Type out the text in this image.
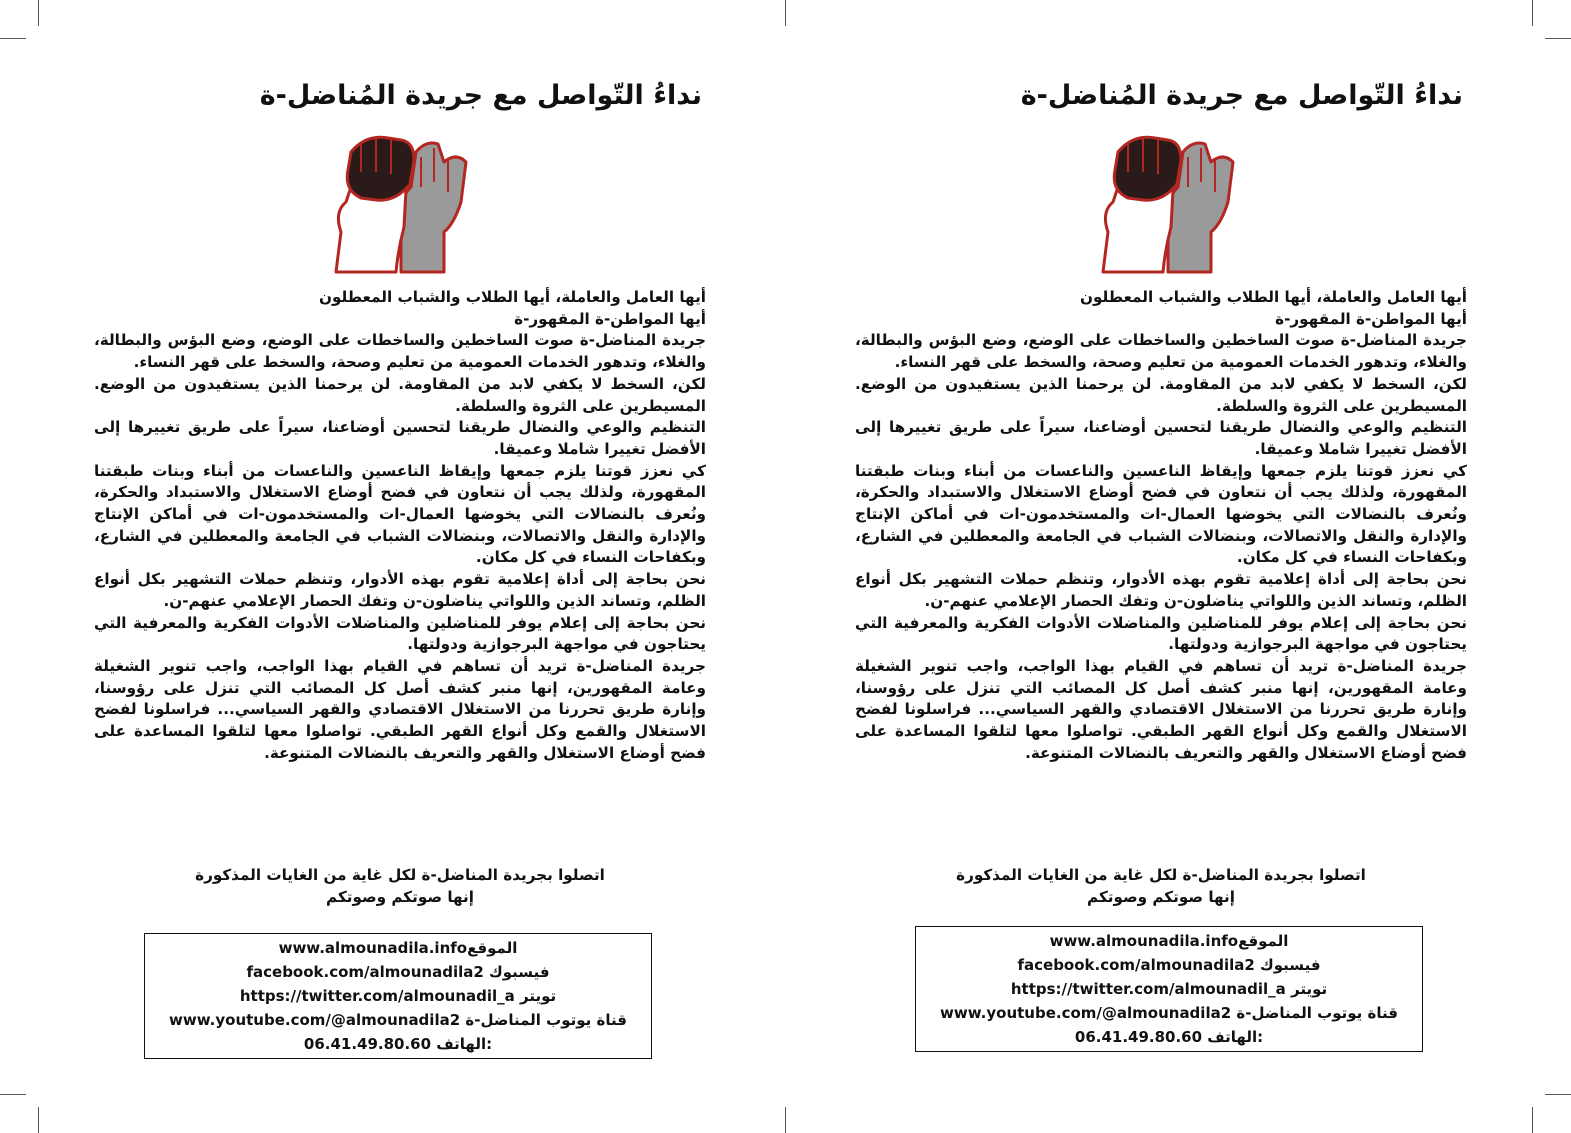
نداءُ التّواصل مع جريدة المُناضل-ة

أيها العامل والعاملة، أيها الطلاب والشباب المعطلون

أيها المواطن-ة المقهور-ة

جريدة المناضل-ة صوت الساخطين والساخطات على الوضع، وضع البؤس والبطالة، والغلاء، وتدهور الخدمات العمومية من تعليم وصحة، والسخط على قهر النساء.

لكن، السخط لا يكفي لابد من المقاومة. لن يرحمنا الذين يستفيدون من الوضع. المسيطرين على الثروة والسلطة.

التنظيم والوعي والنضال طريقنا لتحسين أوضاعنا، سيراً على طريق تغييرها إلى الأفضل تغييرا شاملا وعميقا.

كي نعزز قوتنا يلزم جمعها وإيقاظ الناعسين والناعسات من أبناء وبنات طبقتنا المقهورة، ولذلك يجب أن نتعاون في فضح أوضاع الاستغلال والاستبداد والحكرة، ونُعرف بالنضالات التي يخوضها العمال-ات والمستخدمون-ات في أماكن الإنتاج والإدارة والنقل والاتصالات، وبنضالات الشباب في الجامعة والمعطلين في الشارع، وبكفاحات النساء في كل مكان.

نحن بحاجة إلى أداة إعلامية تقوم بهذه الأدوار، وتنظم حملات التشهير بكل أنواع الظلم، وتساند الذين واللواتي يناضلون-ن وتفك الحصار الإعلامي عنهم-ن.

نحن بحاجة إلى إعلام يوفر للمناضلين والمناضلات الأدوات الفكرية والمعرفية التي يحتاجون في مواجهة البرجوازية ودولتها.

جريدة المناضل-ة تريد أن تساهم في القيام بهذا الواجب، واجب تنوير الشغيلة وعامة المقهورين، إنها منبر كشف أصل كل المصائب التي تنزل على رؤوسنا، وإنارة طريق تحررنا من الاستغلال الاقتصادي والقهر السياسي... فراسلونا لفضح الاستغلال والقمع وكل أنواع القهر الطبقي. تواصلوا معها لتلقوا المساعدة على فضح أوضاع الاستغلال والقهر والتعريف بالنضالات المتنوعة.

اتصلوا بجريدة المناضل-ة لكل غاية من الغايات المذكورة
إنها صوتكم وصوتكم
www.almounadila.infoالموقع
facebook.com/almounadila2 فيسبوك
https://twitter.com/almounadil_a تويتر
www.youtube.com/@almounadila2 قناة يوتوب المناضل-ة
06.41.49.80.60 الهاتف:
نداءُ التّواصل مع جريدة المُناضل-ة

أيها العامل والعاملة، أيها الطلاب والشباب المعطلون

أيها المواطن-ة المقهور-ة

جريدة المناضل-ة صوت الساخطين والساخطات على الوضع، وضع البؤس والبطالة، والغلاء، وتدهور الخدمات العمومية من تعليم وصحة، والسخط على قهر النساء.

لكن، السخط لا يكفي لابد من المقاومة. لن يرحمنا الذين يستفيدون من الوضع. المسيطرين على الثروة والسلطة.

التنظيم والوعي والنضال طريقنا لتحسين أوضاعنا، سيراً على طريق تغييرها إلى الأفضل تغييرا شاملا وعميقا.

كي نعزز قوتنا يلزم جمعها وإيقاظ الناعسين والناعسات من أبناء وبنات طبقتنا المقهورة، ولذلك يجب أن نتعاون في فضح أوضاع الاستغلال والاستبداد والحكرة، ونُعرف بالنضالات التي يخوضها العمال-ات والمستخدمون-ات في أماكن الإنتاج والإدارة والنقل والاتصالات، وبنضالات الشباب في الجامعة والمعطلين في الشارع، وبكفاحات النساء في كل مكان.

نحن بحاجة إلى أداة إعلامية تقوم بهذه الأدوار، وتنظم حملات التشهير بكل أنواع الظلم، وتساند الذين واللواتي يناضلون-ن وتفك الحصار الإعلامي عنهم-ن.

نحن بحاجة إلى إعلام يوفر للمناضلين والمناضلات الأدوات الفكرية والمعرفية التي يحتاجون في مواجهة البرجوازية ودولتها.

جريدة المناضل-ة تريد أن تساهم في القيام بهذا الواجب، واجب تنوير الشغيلة وعامة المقهورين، إنها منبر كشف أصل كل المصائب التي تنزل على رؤوسنا، وإنارة طريق تحررنا من الاستغلال الاقتصادي والقهر السياسي... فراسلونا لفضح الاستغلال والقمع وكل أنواع القهر الطبقي. تواصلوا معها لتلقوا المساعدة على فضح أوضاع الاستغلال والقهر والتعريف بالنضالات المتنوعة.

اتصلوا بجريدة المناضل-ة لكل غاية من الغايات المذكورة
إنها صوتكم وصوتكم
www.almounadila.infoالموقع
facebook.com/almounadila2 فيسبوك
https://twitter.com/almounadil_a تويتر
www.youtube.com/@almounadila2 قناة يوتوب المناضل-ة
06.41.49.80.60 الهاتف:
